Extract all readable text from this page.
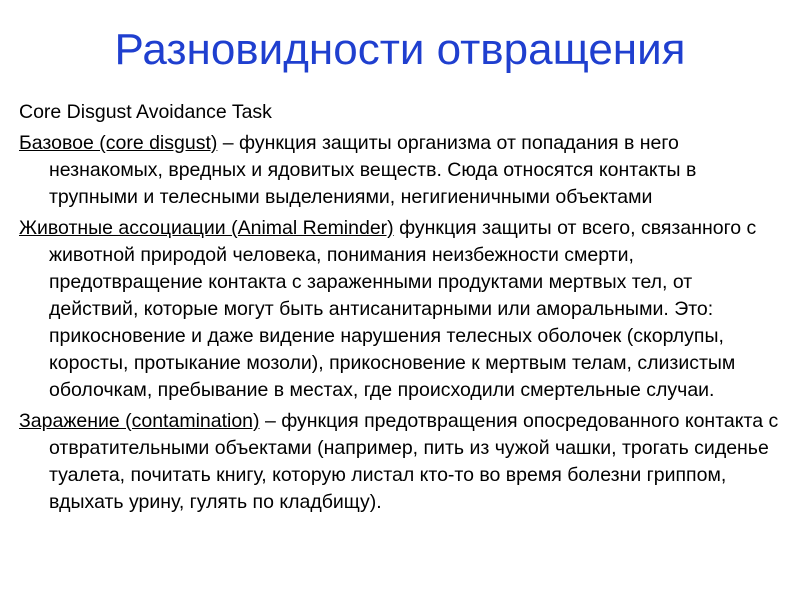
Разновидности отвращения

Core Disgust Avoidance Task

Базовое (core disgust) – функция защиты организма от попадания в него незнакомых, вредных и ядовитых веществ. Сюда относятся контакты в трупными и телесными выделениями, негигиеничными объектами

Животные ассоциации (Animal Reminder) функция защиты от всего, связанного с животной природой человека, понимания неизбежности смерти, предотвращение контакта с зараженными продуктами мертвых тел, от действий, которые могут быть антисанитарными или аморальными. Это: прикосновение и даже видение нарушения телесных оболочек (скорлупы, коросты, протыкание мозоли), прикосновение к мертвым телам, слизистым оболочкам, пребывание в местах, где происходили смертельные случаи.

Заражение (contamination) – функция предотвращения опосредованного контакта с отвратительными объектами (например, пить из чужой чашки, трогать сиденье туалета, почитать книгу, которую листал кто-то во время болезни гриппом, вдыхать урину, гулять по кладбищу).
